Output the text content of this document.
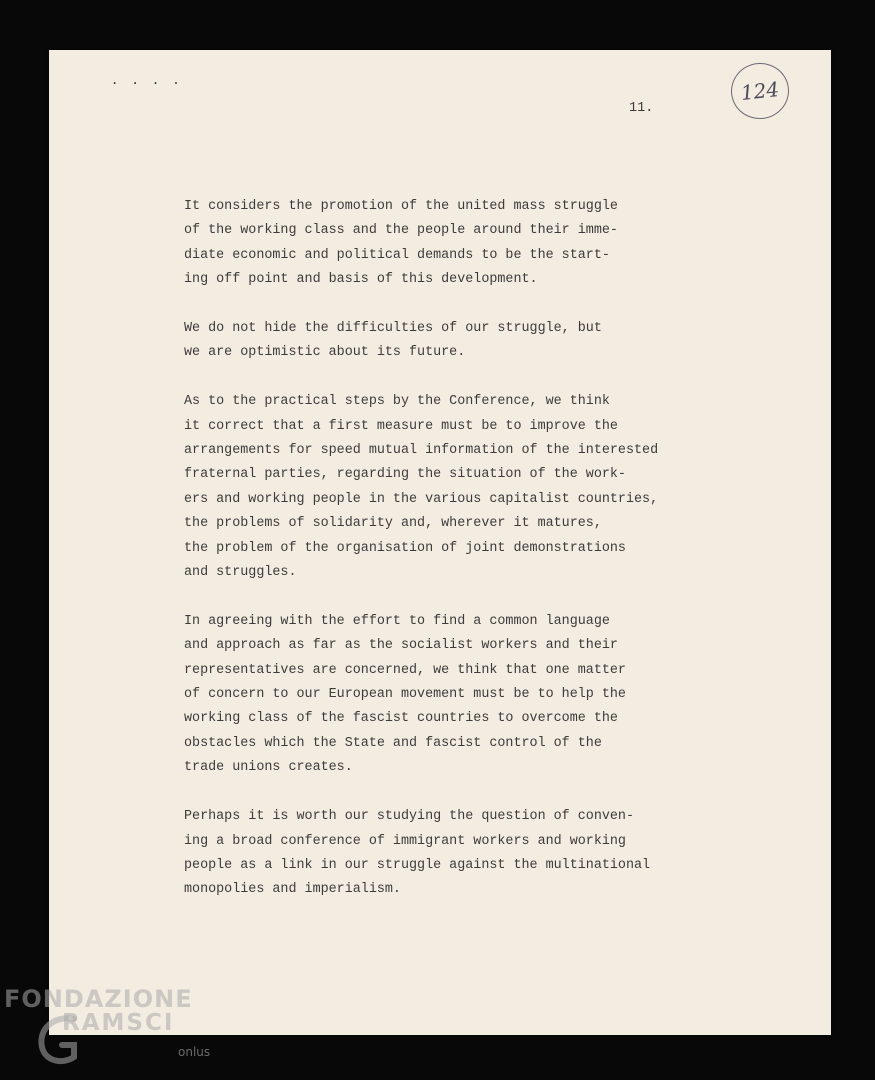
. . . .
11.
124

It considers the promotion of the united mass struggle
of the working class and the people around their imme-
diate economic and political demands to be the start-
ing off point and basis of this development.

We do not hide the difficulties of our struggle, but
we are optimistic about its future.

As to the practical steps by the Conference, we think
it correct that a first measure must be to improve the
arrangements for speed mutual information of the interested
fraternal parties, regarding the situation of the work-
ers and working people in the various capitalist countries,
the problems of solidarity and, wherever it matures,
the problem of the organisation of joint demonstrations
and struggles.

In agreeing with the effort to find a common language
and approach as far as the socialist workers and their
representatives are concerned, we think that one matter
of concern to our European movement must be to help the
working class of the fascist countries to overcome the
obstacles which the State and fascist control of the
trade unions creates.

Perhaps it is worth our studying the question of conven-
ing a broad conference of immigrant workers and working
people as a link in our struggle against the multinational
monopolies and imperialism.

FONDAZIONE
RAMSCI
onlus
